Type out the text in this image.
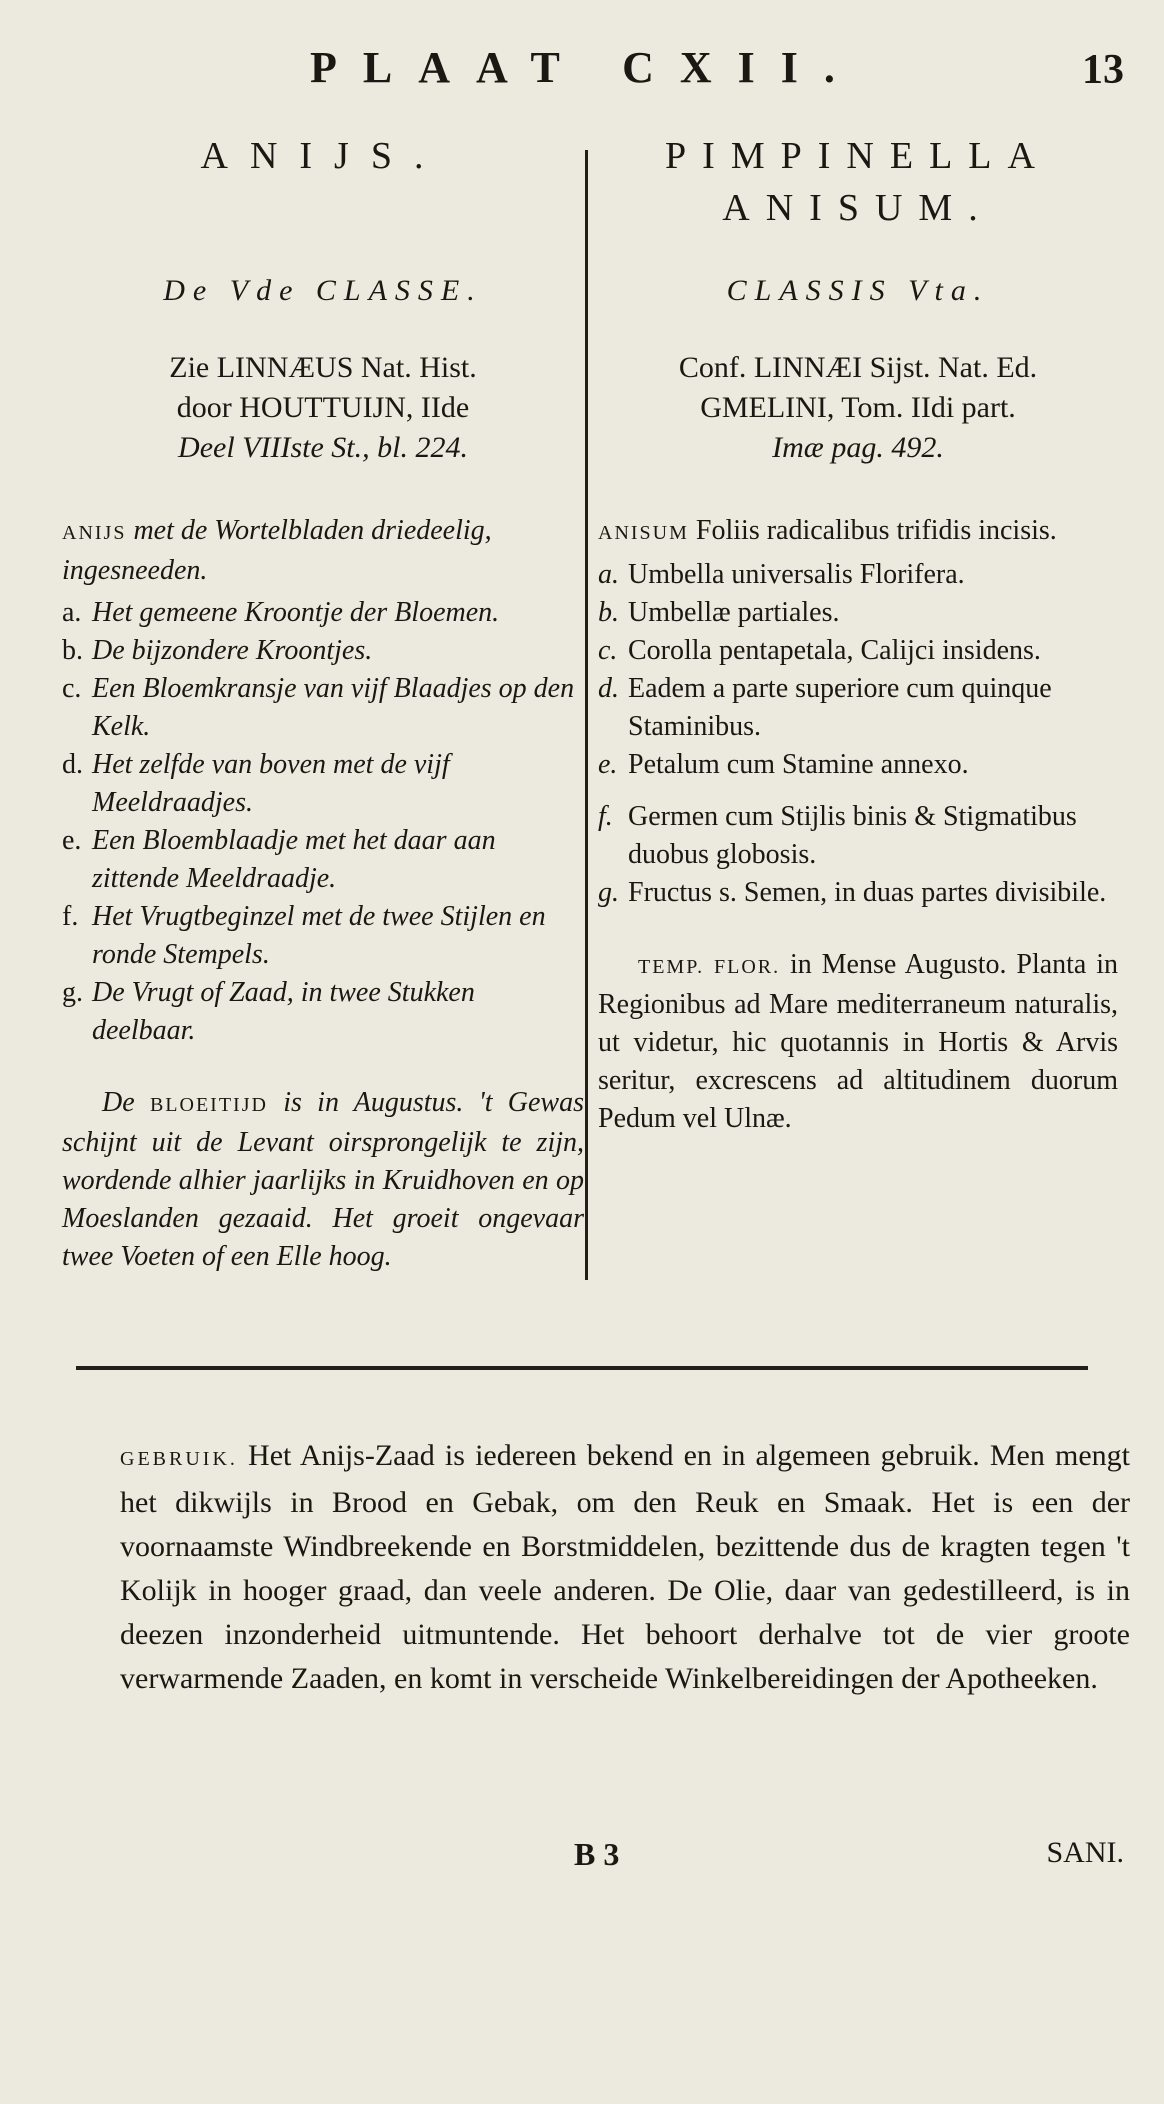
PLAAT CXII.	13
ANIJS.
De Vde CLASSE.
Zie LINNÆUS Nat. Hist.
door HOUTTUIJN, IIde
Deel VIIIste St., bl. 224.
ANIJS met de Wortelbladen driedeelig, ingesneeden.
a. Het gemeene Kroontje der Bloemen.
b. De bijzondere Kroontjes.
c. Een Bloemkransje van vijf Blaadjes op den Kelk.
d. Het zelfde van boven met de vijf Meeldraadjes.
e. Een Bloemblaadje met het daar aan zittende Meeldraadje.
f. Het Vrugtbeginzel met de twee Stijlen en ronde Stempels.
g. De Vrugt of Zaad, in twee Stukken deelbaar.
De BLOEITIJD is in Augustus. 't Gewas schijnt uit de Levant oirsprongelijk te zijn, wordende alhier jaarlijks in Kruidhoven en op Moeslanden gezaaid. Het groeit ongevaar twee Voeten of een Elle hoog.
PIMPINELLA
ANISUM.
CLASSIS Vta.
Conf. LINNÆI Sijst. Nat. Ed.
GMELINI, Tom. IIdi part.
Imæ pag. 492.
ANISUM Foliis radicalibus trifidis incisis.
a. Umbella universalis Florifera.
b. Umbellæ partiales.
c. Corolla pentapetala, Calijci insidens.
d. Eadem a parte superiore cum quinque Staminibus.
e. Petalum cum Stamine annexo.
f. Germen cum Stijlis binis & Stigmatibus duobus globosis.
g. Fructus s. Semen, in duas partes divisibile.
TEMP. FLOR. in Mense Augusto. Planta in Regionibus ad Mare mediterraneum naturalis, ut videtur, hic quotannis in Hortis & Arvis seritur, excrescens ad altitudinem duorum Pedum vel Ulnæ.
GEBRUIK. Het Anijs-Zaad is iedereen bekend en in algemeen gebruik. Men mengt het dikwijls in Brood en Gebak, om den Reuk en Smaak. Het is een der voornaamste Windbreekende en Borstmiddelen, bezittende dus de kragten tegen 't Kolijk in hooger graad, dan veele anderen. De Olie, daar van gedestilleerd, is in deezen inzonderheid uitmuntende. Het behoort derhalve tot de vier groote verwarmende Zaaden, en komt in verscheide Winkelbereidingen der Apotheeken.
B 3	SANI.
